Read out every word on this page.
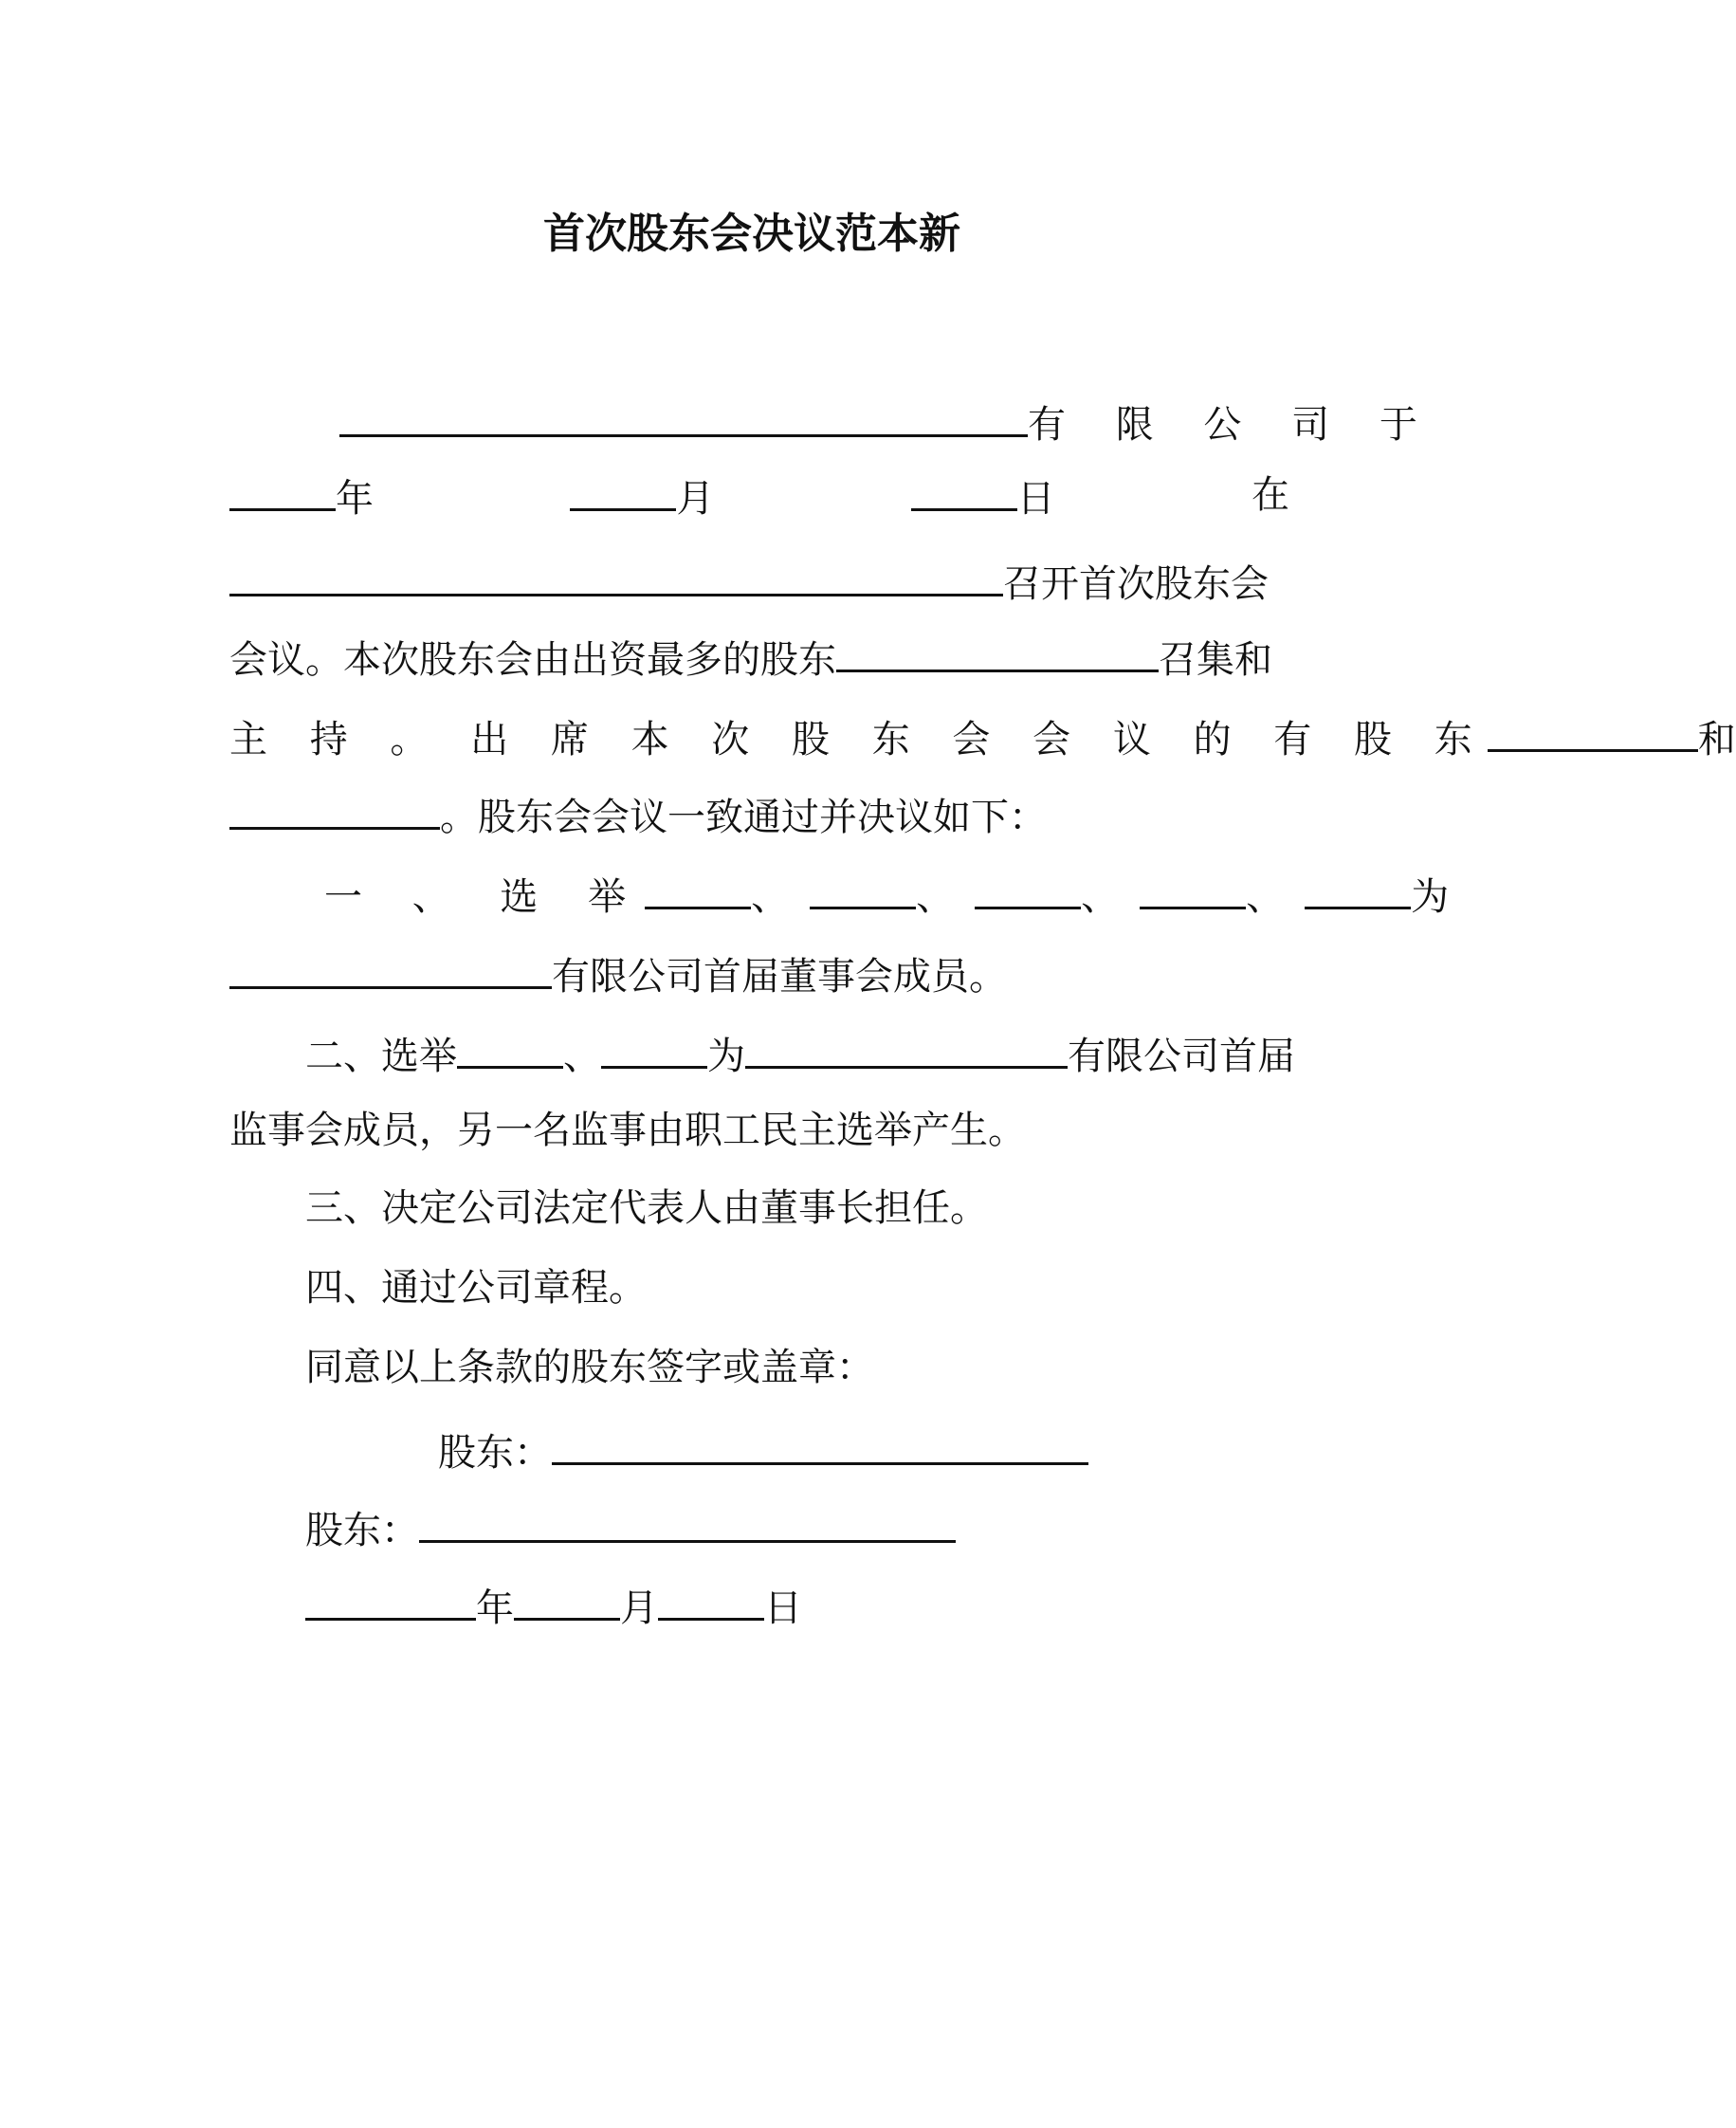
首次股东会决议范本新
有 限 公 司 于
年	月	日	在
召开首次股东会
会议。本次股东会由出资最多的股东	召集和
主 持 。 出 席 本 次 股 东 会 会 议 的 有 股 东	和
。股东会会议一致通过并决议如下：
一 、 选 举	、	、	、	、	为
有限公司首届董事会成员。
二、选举	、	为	有限公司首届
监事会成员，另一名监事由职工民主选举产生。
三、决定公司法定代表人由董事长担任。
四、通过公司章程。
同意以上条款的股东签字或盖章：
股东：
股东：
年	月	日
